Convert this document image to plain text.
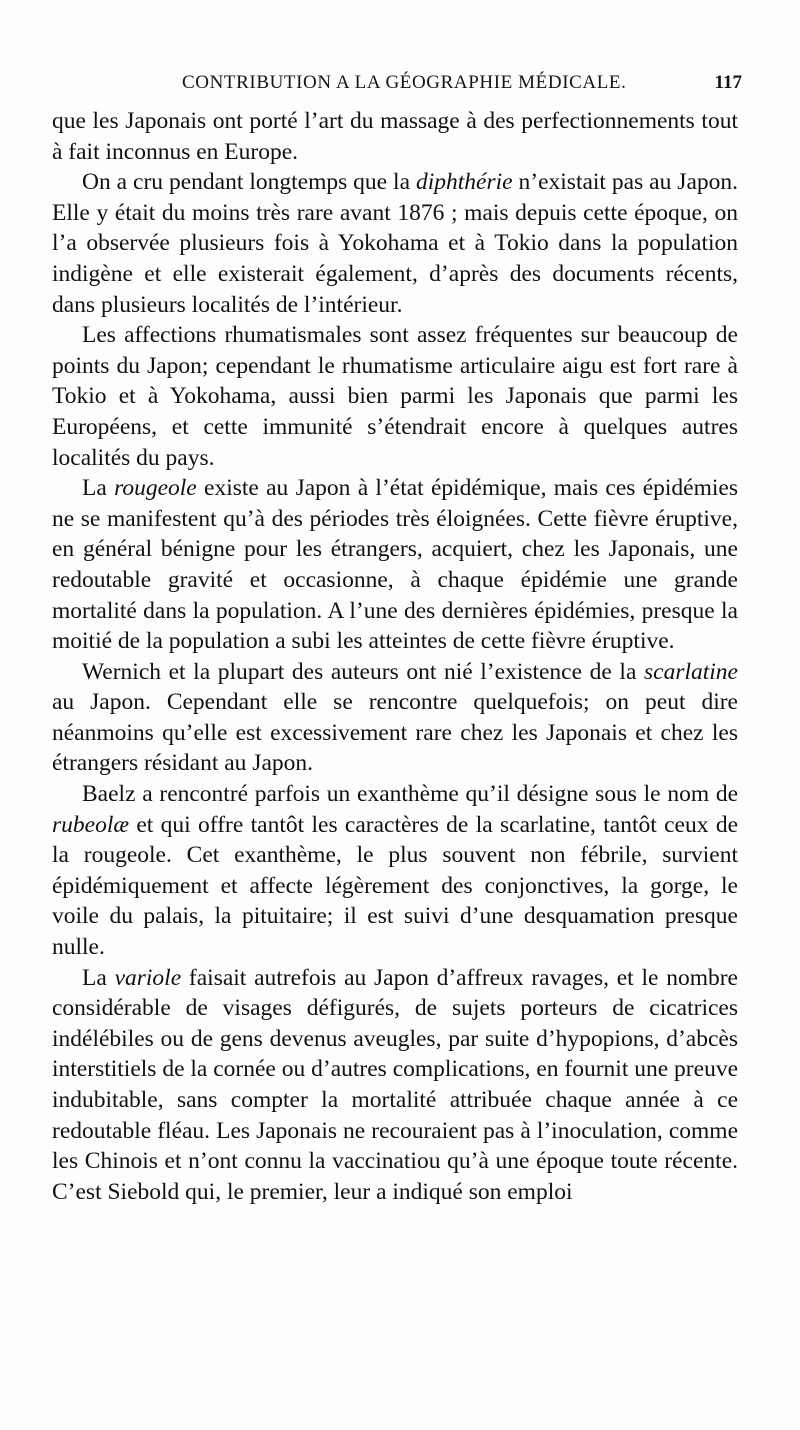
CONTRIBUTION A LA GÉOGRAPHIE MÉDICALE.	117

que les Japonais ont porté l’art du massage à des perfectionnements tout à fait inconnus en Europe.

On a cru pendant longtemps que la diphthérie n’existait pas au Japon. Elle y était du moins très rare avant 1876 ; mais depuis cette époque, on l’a observée plusieurs fois à Yokohama et à Tokio dans la population indigène et elle existerait également, d’après des documents récents, dans plusieurs localités de l’intérieur.

Les affections rhumatismales sont assez fréquentes sur beaucoup de points du Japon; cependant le rhumatisme articulaire aigu est fort rare à Tokio et à Yokohama, aussi bien parmi les Japonais que parmi les Européens, et cette immunité s’étendrait encore à quelques autres localités du pays.

La rougeole existe au Japon à l’état épidémique, mais ces épidémies ne se manifestent qu’à des périodes très éloignées. Cette fièvre éruptive, en général bénigne pour les étrangers, acquiert, chez les Japonais, une redoutable gravité et occasionne, à chaque épidémie une grande mortalité dans la population. A l’une des dernières épidémies, presque la moitié de la population a subi les atteintes de cette fièvre éruptive.

Wernich et la plupart des auteurs ont nié l’existence de la scarlatine au Japon. Cependant elle se rencontre quelquefois; on peut dire néanmoins qu’elle est excessivement rare chez les Japonais et chez les étrangers résidant au Japon.

Baelz a rencontré parfois un exanthème qu’il désigne sous le nom de rubeolæ et qui offre tantôt les caractères de la scarlatine, tantôt ceux de la rougeole. Cet exanthème, le plus souvent non fébrile, survient épidémiquement et affecte légèrement des conjonctives, la gorge, le voile du palais, la pituitaire; il est suivi d’une desquamation presque nulle.

La variole faisait autrefois au Japon d’affreux ravages, et le nombre considérable de visages défigurés, de sujets porteurs de cicatrices indélébiles ou de gens devenus aveugles, par suite d’hypopions, d’abcès interstitiels de la cornée ou d’autres complications, en fournit une preuve indubitable, sans compter la mortalité attribuée chaque année à ce redoutable fléau. Les Japonais ne recouraient pas à l’inoculation, comme les Chinois et n’ont connu la vaccinatiou qu’à une époque toute récente. C’est Siebold qui, le premier, leur a indiqué son emploi
